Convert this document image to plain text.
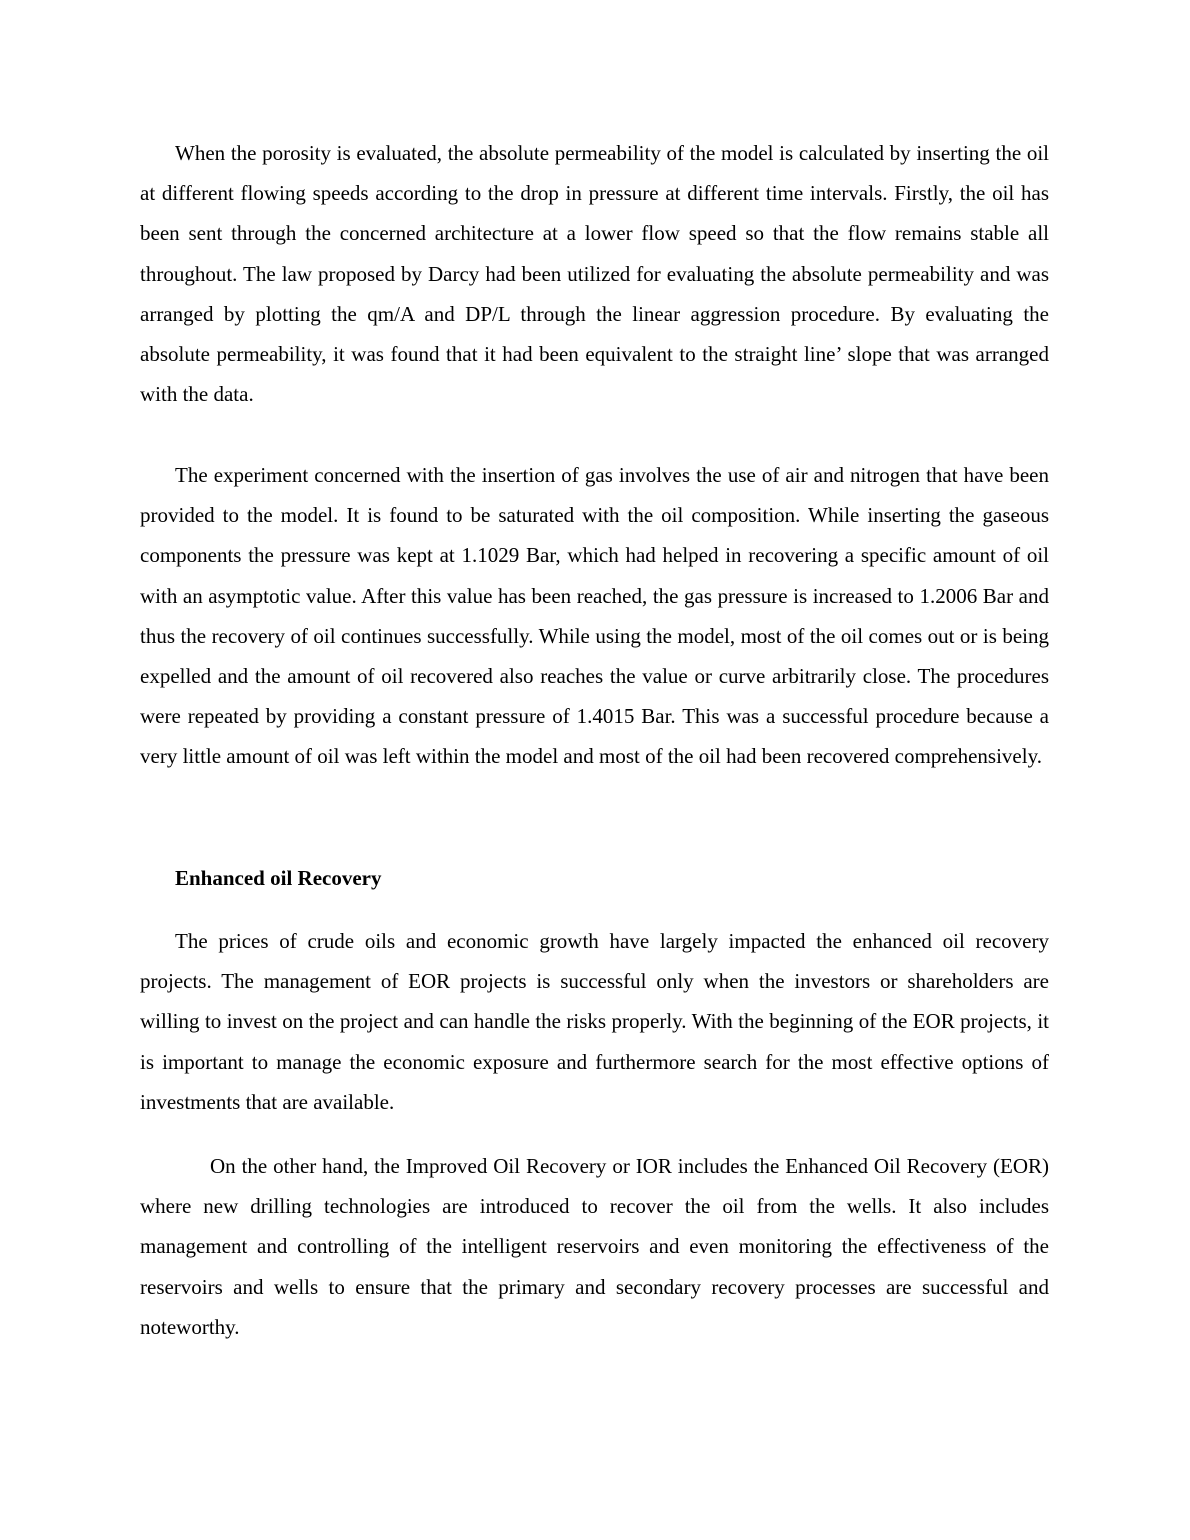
When the porosity is evaluated, the absolute permeability of the model is calculated by inserting the oil at different flowing speeds according to the drop in pressure at different time intervals. Firstly, the oil has been sent through the concerned architecture at a lower flow speed so that the flow remains stable all throughout. The law proposed by Darcy had been utilized for evaluating the absolute permeability and was arranged by plotting the qm/A and DP/L through the linear aggression procedure. By evaluating the absolute permeability, it was found that it had been equivalent to the straight line’ slope that was arranged with the data.

The experiment concerned with the insertion of gas involves the use of air and nitrogen that have been provided to the model. It is found to be saturated with the oil composition. While inserting the gaseous components the pressure was kept at 1.1029 Bar, which had helped in recovering a specific amount of oil with an asymptotic value. After this value has been reached, the gas pressure is increased to 1.2006 Bar and thus the recovery of oil continues successfully. While using the model, most of the oil comes out or is being expelled and the amount of oil recovered also reaches the value or curve arbitrarily close. The procedures were repeated by providing a constant pressure of 1.4015 Bar. This was a successful procedure because a very little amount of oil was left within the model and most of the oil had been recovered comprehensively.

Enhanced oil Recovery

The prices of crude oils and economic growth have largely impacted the enhanced oil recovery projects. The management of EOR projects is successful only when the investors or shareholders are willing to invest on the project and can handle the risks properly. With the beginning of the EOR projects, it is important to manage the economic exposure and furthermore search for the most effective options of investments that are available.

On the other hand, the Improved Oil Recovery or IOR includes the Enhanced Oil Recovery (EOR) where new drilling technologies are introduced to recover the oil from the wells. It also includes management and controlling of the intelligent reservoirs and even monitoring the effectiveness of the reservoirs and wells to ensure that the primary and secondary recovery processes are successful and noteworthy.
